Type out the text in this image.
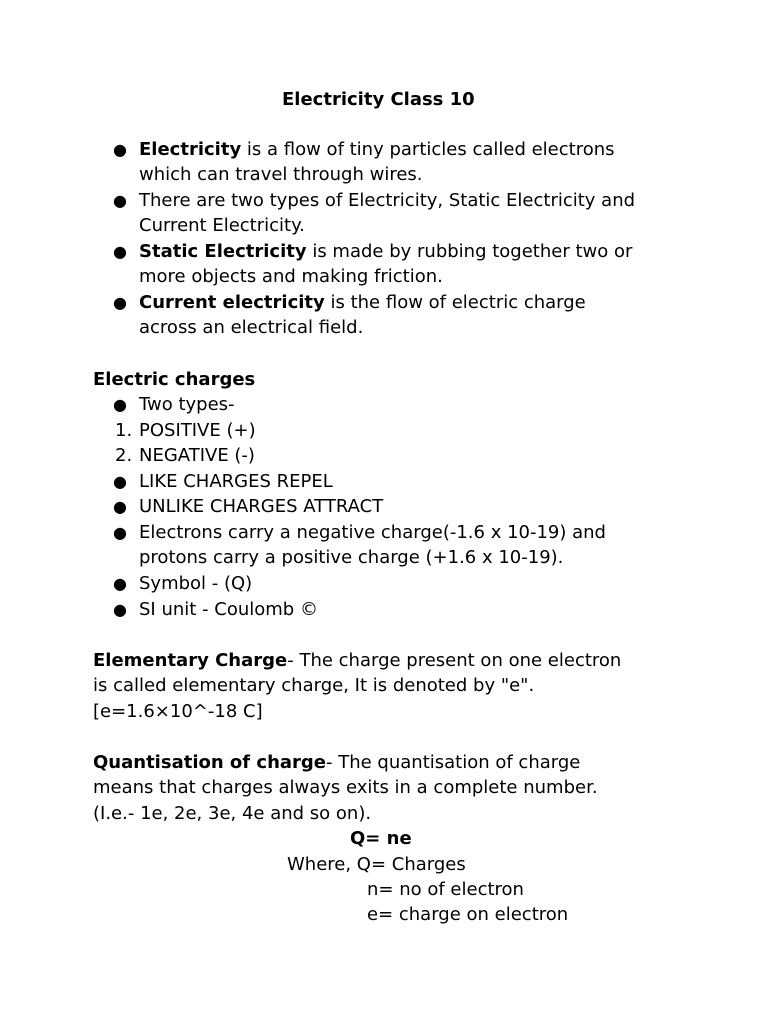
Electricity Class 10
● Electricity is a flow of tiny particles called electrons
which can travel through wires.
● There are two types of Electricity, Static Electricity and
Current Electricity.
● Static Electricity is made by rubbing together two or
more objects and making friction.
● Current electricity is the flow of electric charge
across an electrical field.
Electric charges
● Two types-
1. POSITIVE (+)
2. NEGATIVE (-)
● LIKE CHARGES REPEL
● UNLIKE CHARGES ATTRACT
● Electrons carry a negative charge(-1.6 x 10-19) and
protons carry a positive charge (+1.6 x 10-19).
● Symbol - (Q)
● SI unit - Coulomb ©
Elementary Charge- The charge present on one electron
is called elementary charge, It is denoted by "e".
[e=1.6×10^-18 C]
Quantisation of charge- The quantisation of charge
means that charges always exits in a complete number.
(I.e.- 1e, 2e, 3e, 4e and so on).
Q= ne
Where, Q= Charges
n= no of electron
e= charge on electron
